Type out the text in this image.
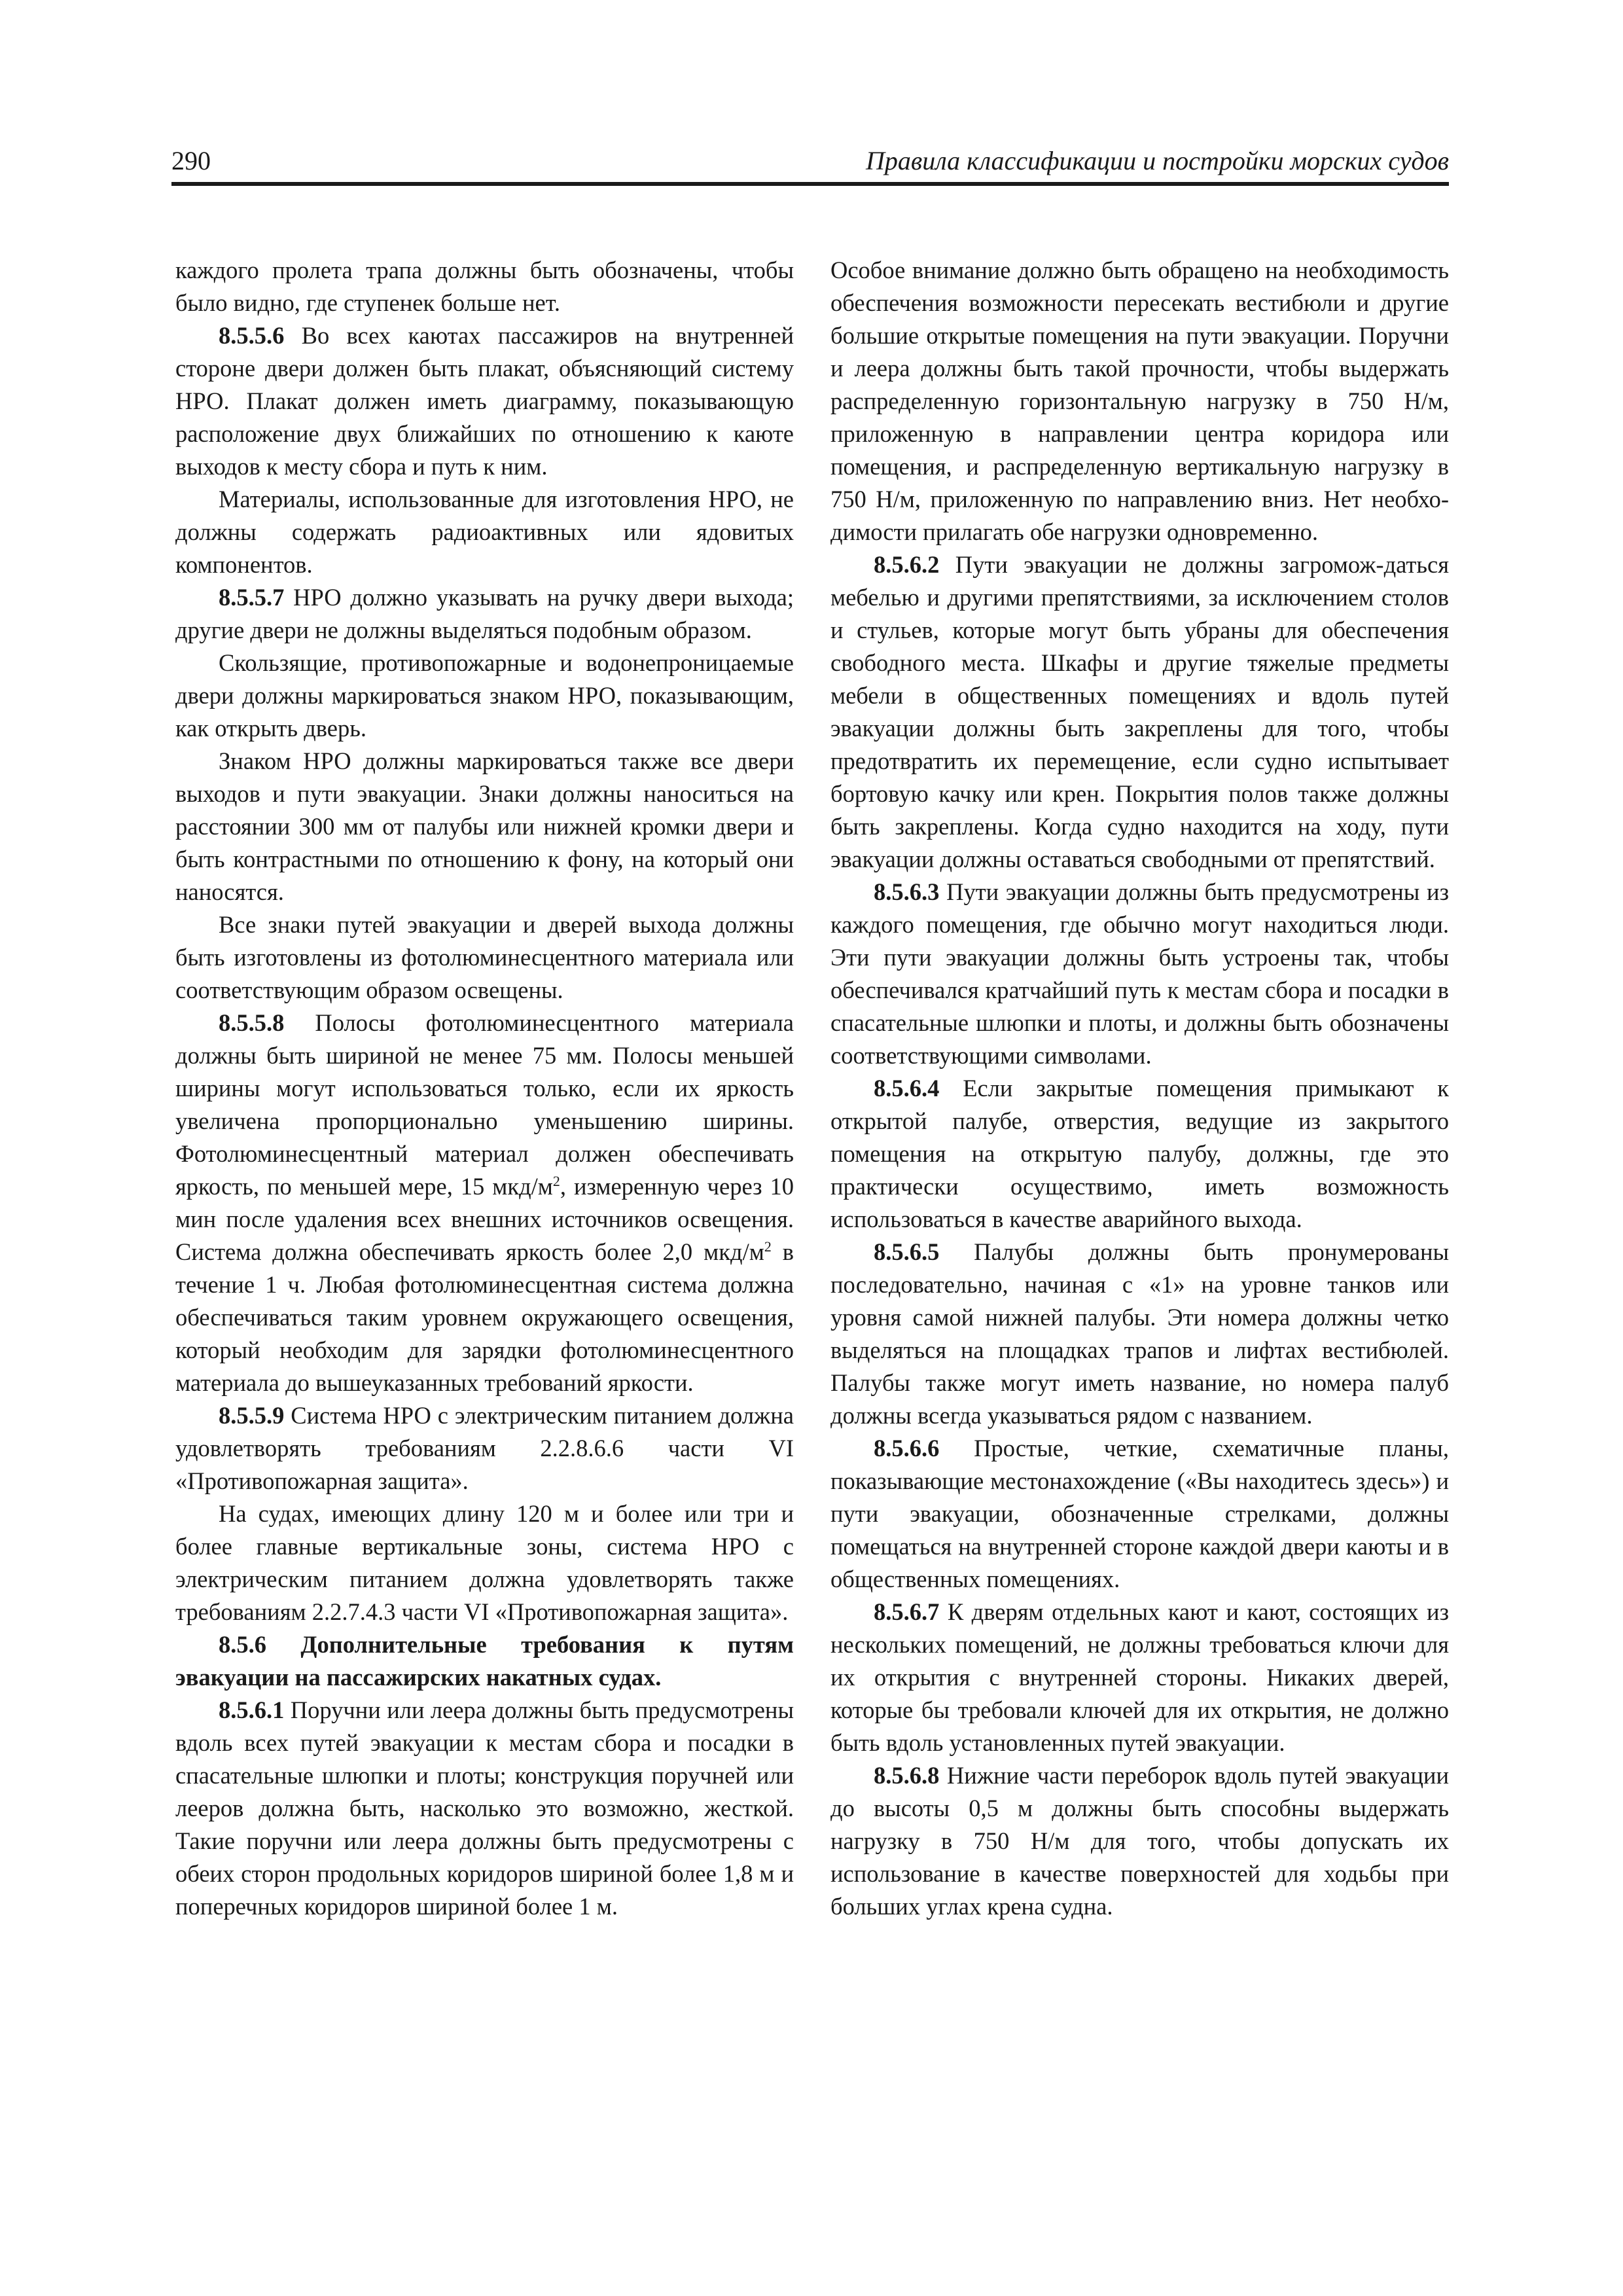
290	Правила классификации и постройки морских судов

каждого пролета трапа должны быть обозначены, чтобы было видно, где ступенек больше нет.

8.5.5.6 Во всех каютах пассажиров на внутренней стороне двери должен быть плакат, объясняющий систему НРО. Плакат должен иметь диаграмму, показывающую расположение двух ближайших по отношению к каюте выходов к месту сбора и путь к ним.

Материалы, использованные для изготовления НРО, не должны содержать радиоактивных или ядовитых компонентов.

8.5.5.7 НРО должно указывать на ручку двери выхода; другие двери не должны выделяться подобным образом.

Скользящие, противопожарные и водонепроницаемые двери должны маркироваться знаком НРО, показывающим, как открыть дверь.

Знаком НРО должны маркироваться также все двери выходов и пути эвакуации. Знаки должны наноситься на расстоянии 300 мм от палубы или нижней кромки двери и быть контрастными по отношению к фону, на который они наносятся.

Все знаки путей эвакуации и дверей выхода должны быть изготовлены из фотолюминесцентного материала или соответствующим образом освещены.

8.5.5.8 Полосы фотолюминесцентного материала должны быть шириной не менее 75 мм. Полосы меньшей ширины могут использоваться только, если их яркость увеличена пропорционально уменьшению ширины. Фотолюминесцентный материал должен обеспечивать яркость, по меньшей мере, 15 мкд/$м^2$, измеренную через 10 мин после удаления всех внешних источников освещения. Система должна обеспечивать яркость более 2,0 мкд/$м^2$ в течение 1 ч. Любая фотолюминесцентная система должна обеспечиваться таким уровнем окружающего освещения, который необходим для зарядки фотолюминесцентного материала до вышеуказанных требований яркости.

8.5.5.9 Система НРО с электрическим питанием должна удовлетворять требованиям 2.2.8.6.6 части VI «Противопожарная защита».

На судах, имеющих длину 120 м и более или три и более главные вертикальные зоны, система НРО с электрическим питанием должна удовлетворять также требованиям 2.2.7.4.3 части VI «Противопожарная защита».

8.5.6 Дополнительные требования к путям эвакуации на пассажирских накатных судах.

8.5.6.1 Поручни или леера должны быть предусмотрены вдоль всех путей эвакуации к местам сбора и посадки в спасательные шлюпки и плоты; конструкция поручней или лееров должна быть, насколько это возможно, жесткой. Такие поручни или леера должны быть предусмотрены с обеих сторон продольных коридоров шириной более 1,8 м и поперечных коридоров шириной более 1 м.

Особое внимание должно быть обращено на необходимость обеспечения возможности пересекать вестибюли и другие большие открытые помещения на пути эвакуации. Поручни и леера должны быть такой прочности, чтобы выдержать распределенную горизонтальную нагрузку в 750 Н/м, приложенную в направлении центра коридора или помещения, и распределенную вертикальную нагрузку в 750 Н/м, приложенную по направлению вниз. Нет необходимости прилагать обе нагрузки одновременно.

8.5.6.2 Пути эвакуации не должны загромож-даться мебелью и другими препятствиями, за исключением столов и стульев, которые могут быть убраны для обеспечения свободного места. Шкафы и другие тяжелые предметы мебели в общественных помещениях и вдоль путей эвакуации должны быть закреплены для того, чтобы предотвратить их перемещение, если судно испытывает бортовую качку или крен. Покрытия полов также должны быть закреплены. Когда судно находится на ходу, пути эвакуации должны оставаться свободными от препятствий.

8.5.6.3 Пути эвакуации должны быть предусмотрены из каждого помещения, где обычно могут находиться люди. Эти пути эвакуации должны быть устроены так, чтобы обеспечивался кратчайший путь к местам сбора и посадки в спасательные шлюпки и плоты, и должны быть обозначены соответствующими символами.

8.5.6.4 Если закрытые помещения примыкают к открытой палубе, отверстия, ведущие из закрытого помещения на открытую палубу, должны, где это практически осуществимо, иметь возможность использоваться в качестве аварийного выхода.

8.5.6.5 Палубы должны быть пронумерованы последовательно, начиная с «1» на уровне танков или уровня самой нижней палубы. Эти номера должны четко выделяться на площадках трапов и лифтах вестибюлей. Палубы также могут иметь название, но номера палуб должны всегда указываться рядом с названием.

8.5.6.6 Простые, четкие, схематичные планы, показывающие местонахождение («Вы находитесь здесь») и пути эвакуации, обозначенные стрелками, должны помещаться на внутренней стороне каждой двери каюты и в общественных помещениях.

8.5.6.7 К дверям отдельных кают и кают, состоящих из нескольких помещений, не должны требоваться ключи для их открытия с внутренней стороны. Никаких дверей, которые бы требовали ключей для их открытия, не должно быть вдоль установленных путей эвакуации.

8.5.6.8 Нижние части переборок вдоль путей эвакуации до высоты 0,5 м должны быть способны выдержать нагрузку в 750 Н/м для того, чтобы допускать их использование в качестве поверхностей для ходьбы при больших углах крена судна.
